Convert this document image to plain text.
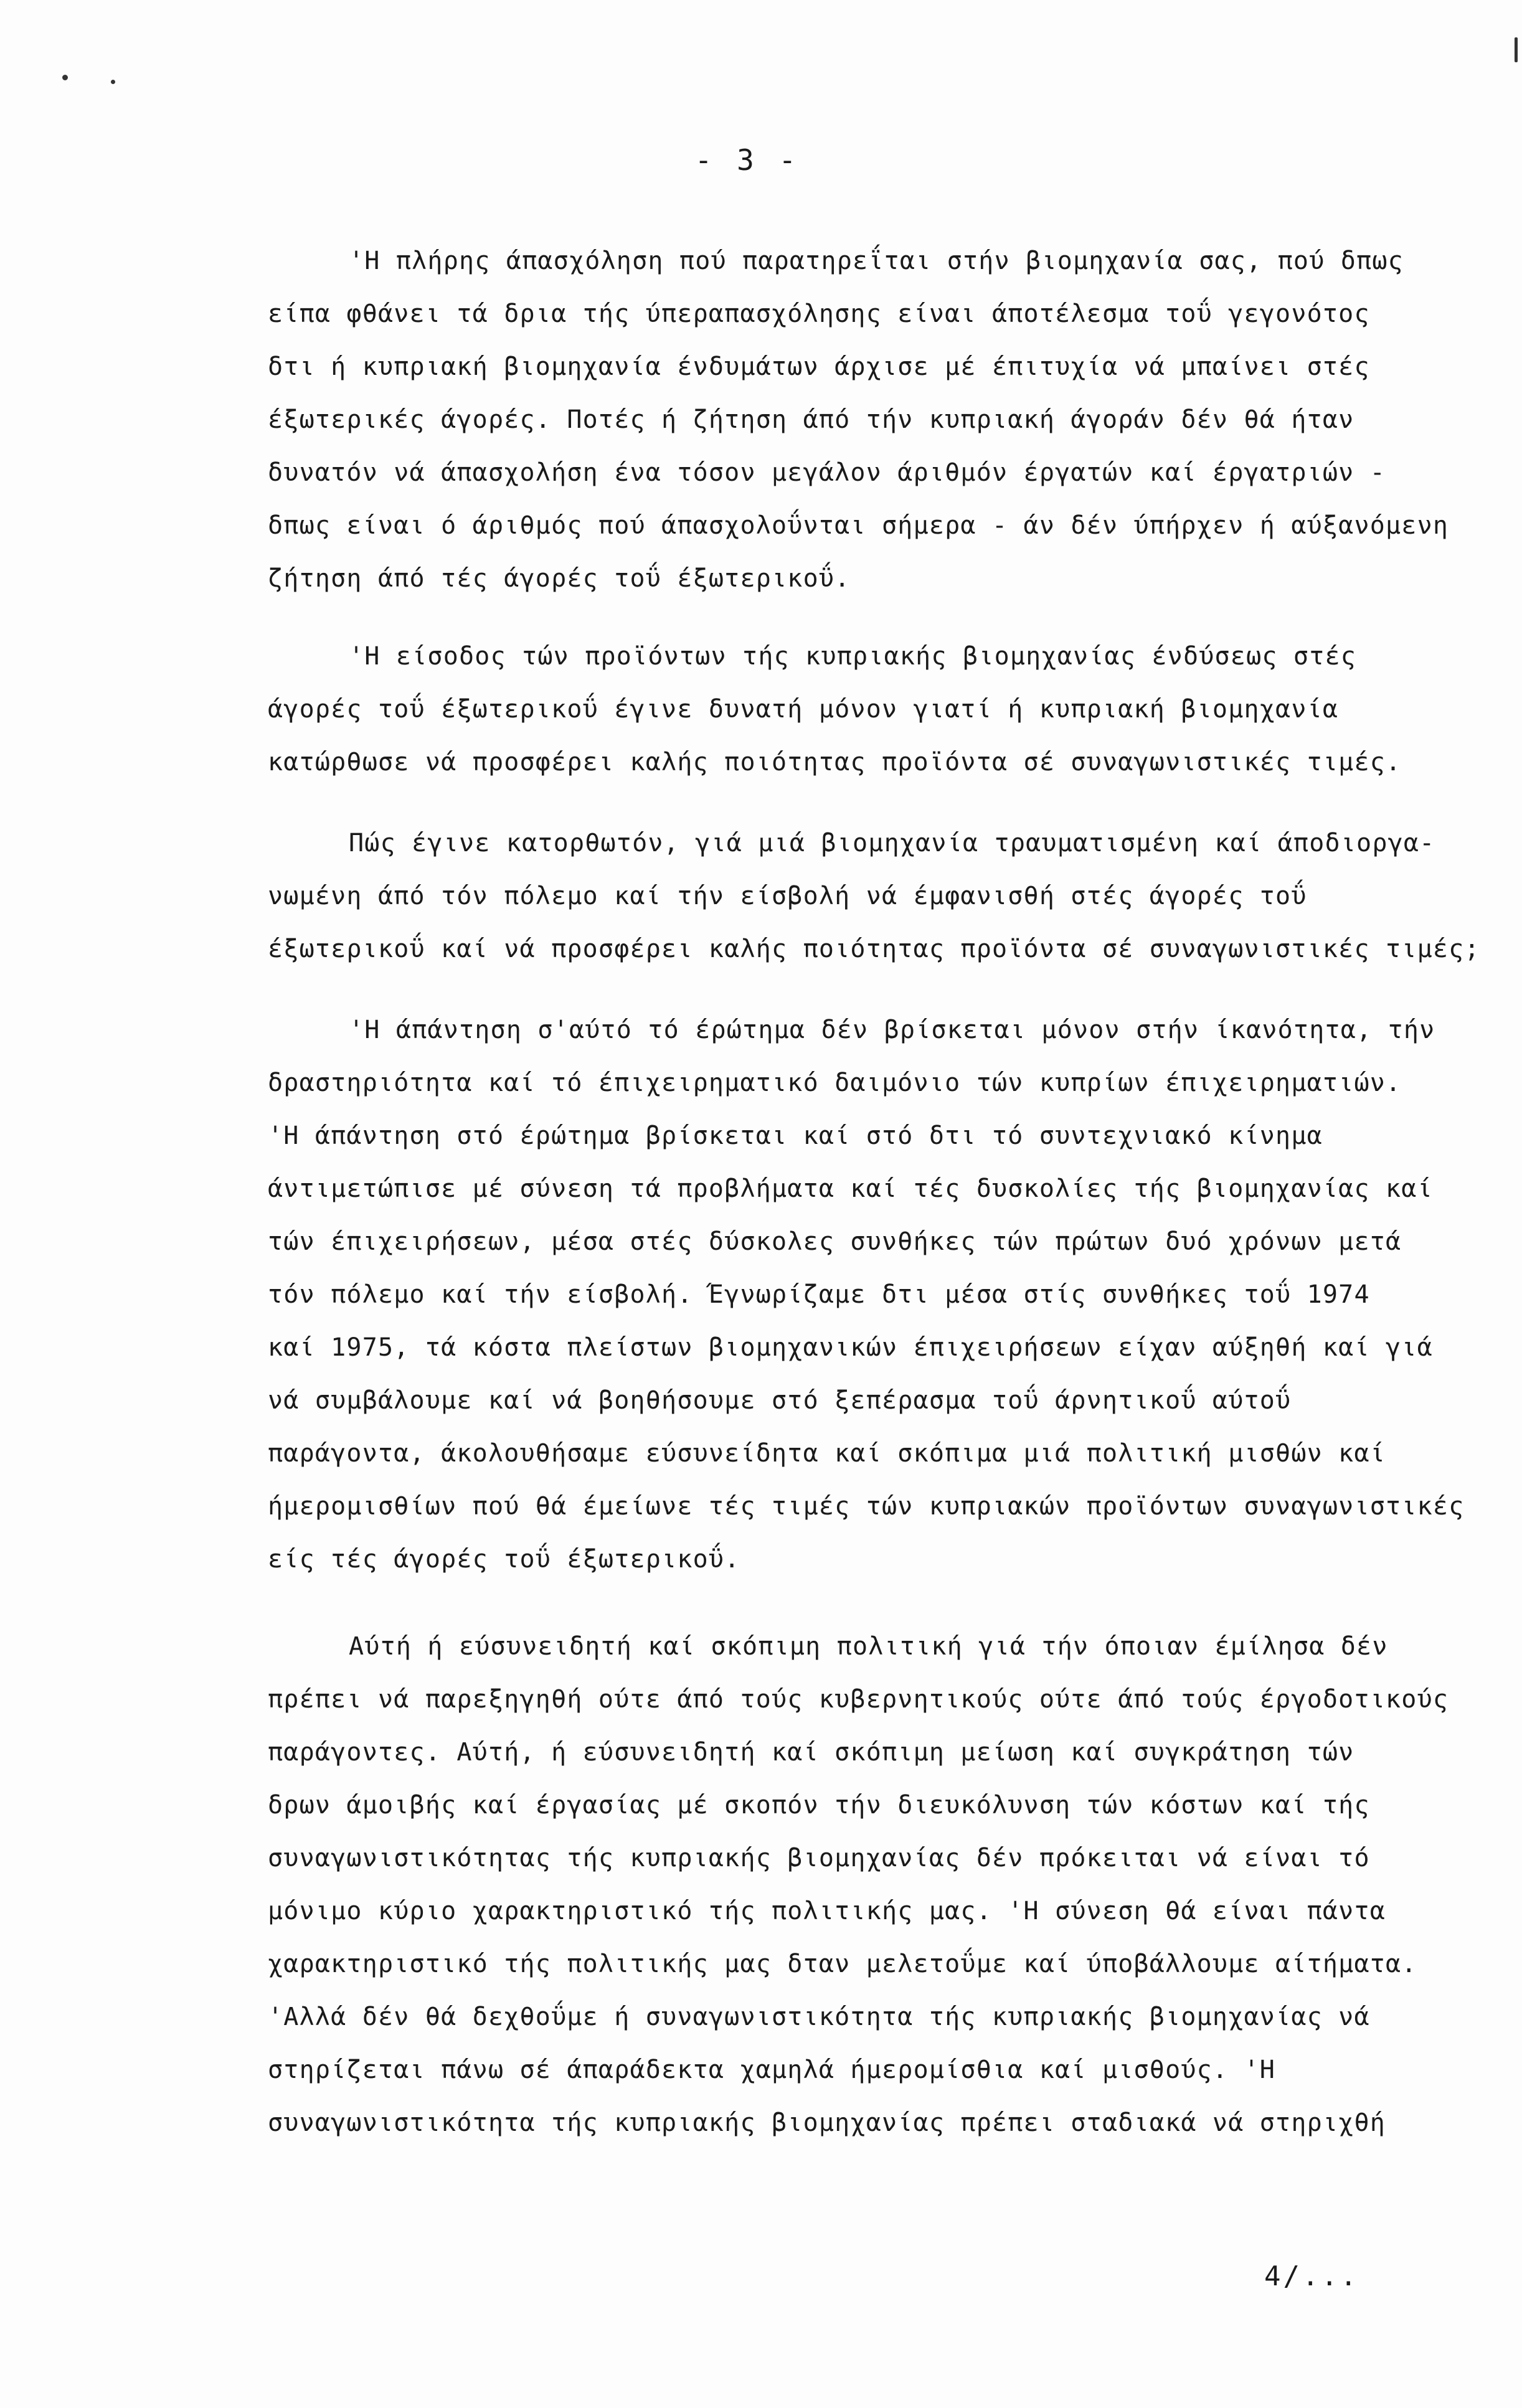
- 3 -
'Η πλήρης άπασχόληση πού παρατηρεΐται στήν βιομηχανία σας, πού δπως
είπα φθάνει τά δρια τής ύπεραπασχόλησης είναι άποτέλεσμα τοΰ γεγονότος
δτι ή κυπριακή βιομηχανία ένδυμάτων άρχισε μέ έπιτυχία νά μπαίνει στές
έξωτερικές άγορές. Ποτές ή ζήτηση άπό τήν κυπριακή άγοράν δέν θά ήταν
δυνατόν νά άπασχολήση ένα τόσον μεγάλον άριθμόν έργατών καί έργατριών -
δπως είναι ό άριθμός πού άπασχολοΰνται σήμερα - άν δέν ύπήρχεν ή αύξανόμενη
ζήτηση άπό τές άγορές τοΰ έξωτερικοΰ.
'Η είσοδος τών προϊόντων τής κυπριακής βιομηχανίας ένδύσεως στές
άγορές τοΰ έξωτερικοΰ έγινε δυνατή μόνον γιατί ή κυπριακή βιομηχανία
κατώρθωσε νά προσφέρει καλής ποιότητας προϊόντα σέ συναγωνιστικές τιμές.
Πώς έγινε κατορθωτόν, γιά μιά βιομηχανία τραυματισμένη καί άποδιοργα-
νωμένη άπό τόν πόλεμο καί τήν είσβολή νά έμφανισθή στές άγορές τοΰ
έξωτερικοΰ καί νά προσφέρει καλής ποιότητας προϊόντα σέ συναγωνιστικές τιμές;
'Η άπάντηση σ'αύτό τό έρώτημα δέν βρίσκεται μόνον στήν ίκανότητα, τήν
δραστηριότητα καί τό έπιχειρηματικό δαιμόνιο τών κυπρίων έπιχειρηματιών.
'Η άπάντηση στό έρώτημα βρίσκεται καί στό δτι τό συντεχνιακό κίνημα
άντιμετώπισε μέ σύνεση τά προβλήματα καί τές δυσκολίες τής βιομηχανίας καί
τών έπιχειρήσεων, μέσα στές δύσκολες συνθήκες τών πρώτων δυό χρόνων μετά
τόν πόλεμο καί τήν είσβολή. Έγνωρίζαμε δτι μέσα στίς συνθήκες τοΰ 1974
καί 1975, τά κόστα πλείστων βιομηχανικών έπιχειρήσεων είχαν αύξηθή καί γιά
νά συμβάλουμε καί νά βοηθήσουμε στό ξεπέρασμα τοΰ άρνητικοΰ αύτοΰ
παράγοντα, άκολουθήσαμε εύσυνείδητα καί σκόπιμα μιά πολιτική μισθών καί
ήμερομισθίων πού θά έμείωνε τές τιμές τών κυπριακών προϊόντων συναγωνιστικές
είς τές άγορές τοΰ έξωτερικοΰ.
Αύτή ή εύσυνειδητή καί σκόπιμη πολιτική γιά τήν όποιαν έμίλησα δέν
πρέπει νά παρεξηγηθή ούτε άπό τούς κυβερνητικούς ούτε άπό τούς έργοδοτικούς
παράγοντες. Αύτή, ή εύσυνειδητή καί σκόπιμη μείωση καί συγκράτηση τών
δρων άμοιβής καί έργασίας μέ σκοπόν τήν διευκόλυνση τών κόστων καί τής
συναγωνιστικότητας τής κυπριακής βιομηχανίας δέν πρόκειται νά είναι τό
μόνιμο κύριο χαρακτηριστικό τής πολιτικής μας. 'Η σύνεση θά είναι πάντα
χαρακτηριστικό τής πολιτικής μας δταν μελετοΰμε καί ύποβάλλουμε αίτήματα.
'Αλλά δέν θά δεχθοΰμε ή συναγωνιστικότητα τής κυπριακής βιομηχανίας νά
στηρίζεται πάνω σέ άπαράδεκτα χαμηλά ήμερομίσθια καί μισθούς. 'Η
συναγωνιστικότητα τής κυπριακής βιομηχανίας πρέπει σταδιακά νά στηριχθή
4/...
